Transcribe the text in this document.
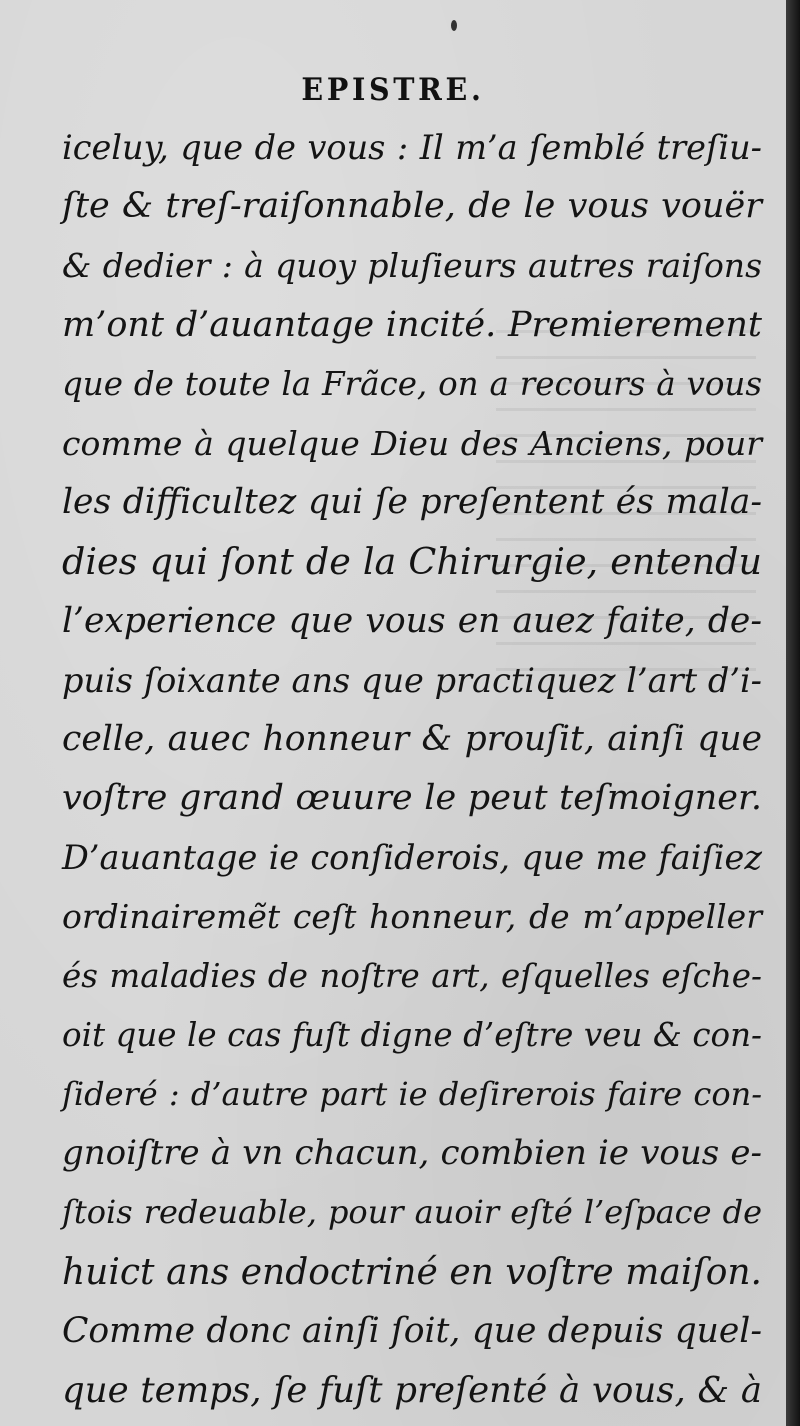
EPISTRE.
iceluy, que de vous : Il m’a ſemblé treſiu-
ſte & treſ-raiſonnable, de le vous vouër
& dedier : à quoy pluſieurs autres raiſons
m’ont d’auantage incité. Premierement
que de toute la Frãce, on a recours à vous
comme à quelque Dieu des Anciens, pour
les difficultez qui ſe preſentent és mala-
dies qui ſont de la Chirurgie, entendu
l’experience que vous en auez faite, de-
puis ſoixante ans que practiquez l’art d’i-
celle, auec honneur & prouſit, ainſi que
voſtre grand œuure le peut teſmoigner.
D’auantage ie conſiderois, que me faiſiez
ordinairemẽt ceſt honneur, de m’appeller
és maladies de noſtre art, eſquelles eſche-
oit que le cas fuſt digne d’eſtre veu & con-
ſideré : d’autre part ie deſirerois faire con-
gnoiſtre à vn chacun, combien ie vous e-
ſtois redeuable, pour auoir eſté l’eſpace de
huict ans endoctriné en voſtre maiſon.
Comme donc ainſi ſoit, que depuis quel-
que temps, ſe fuſt preſenté à vous, & à
